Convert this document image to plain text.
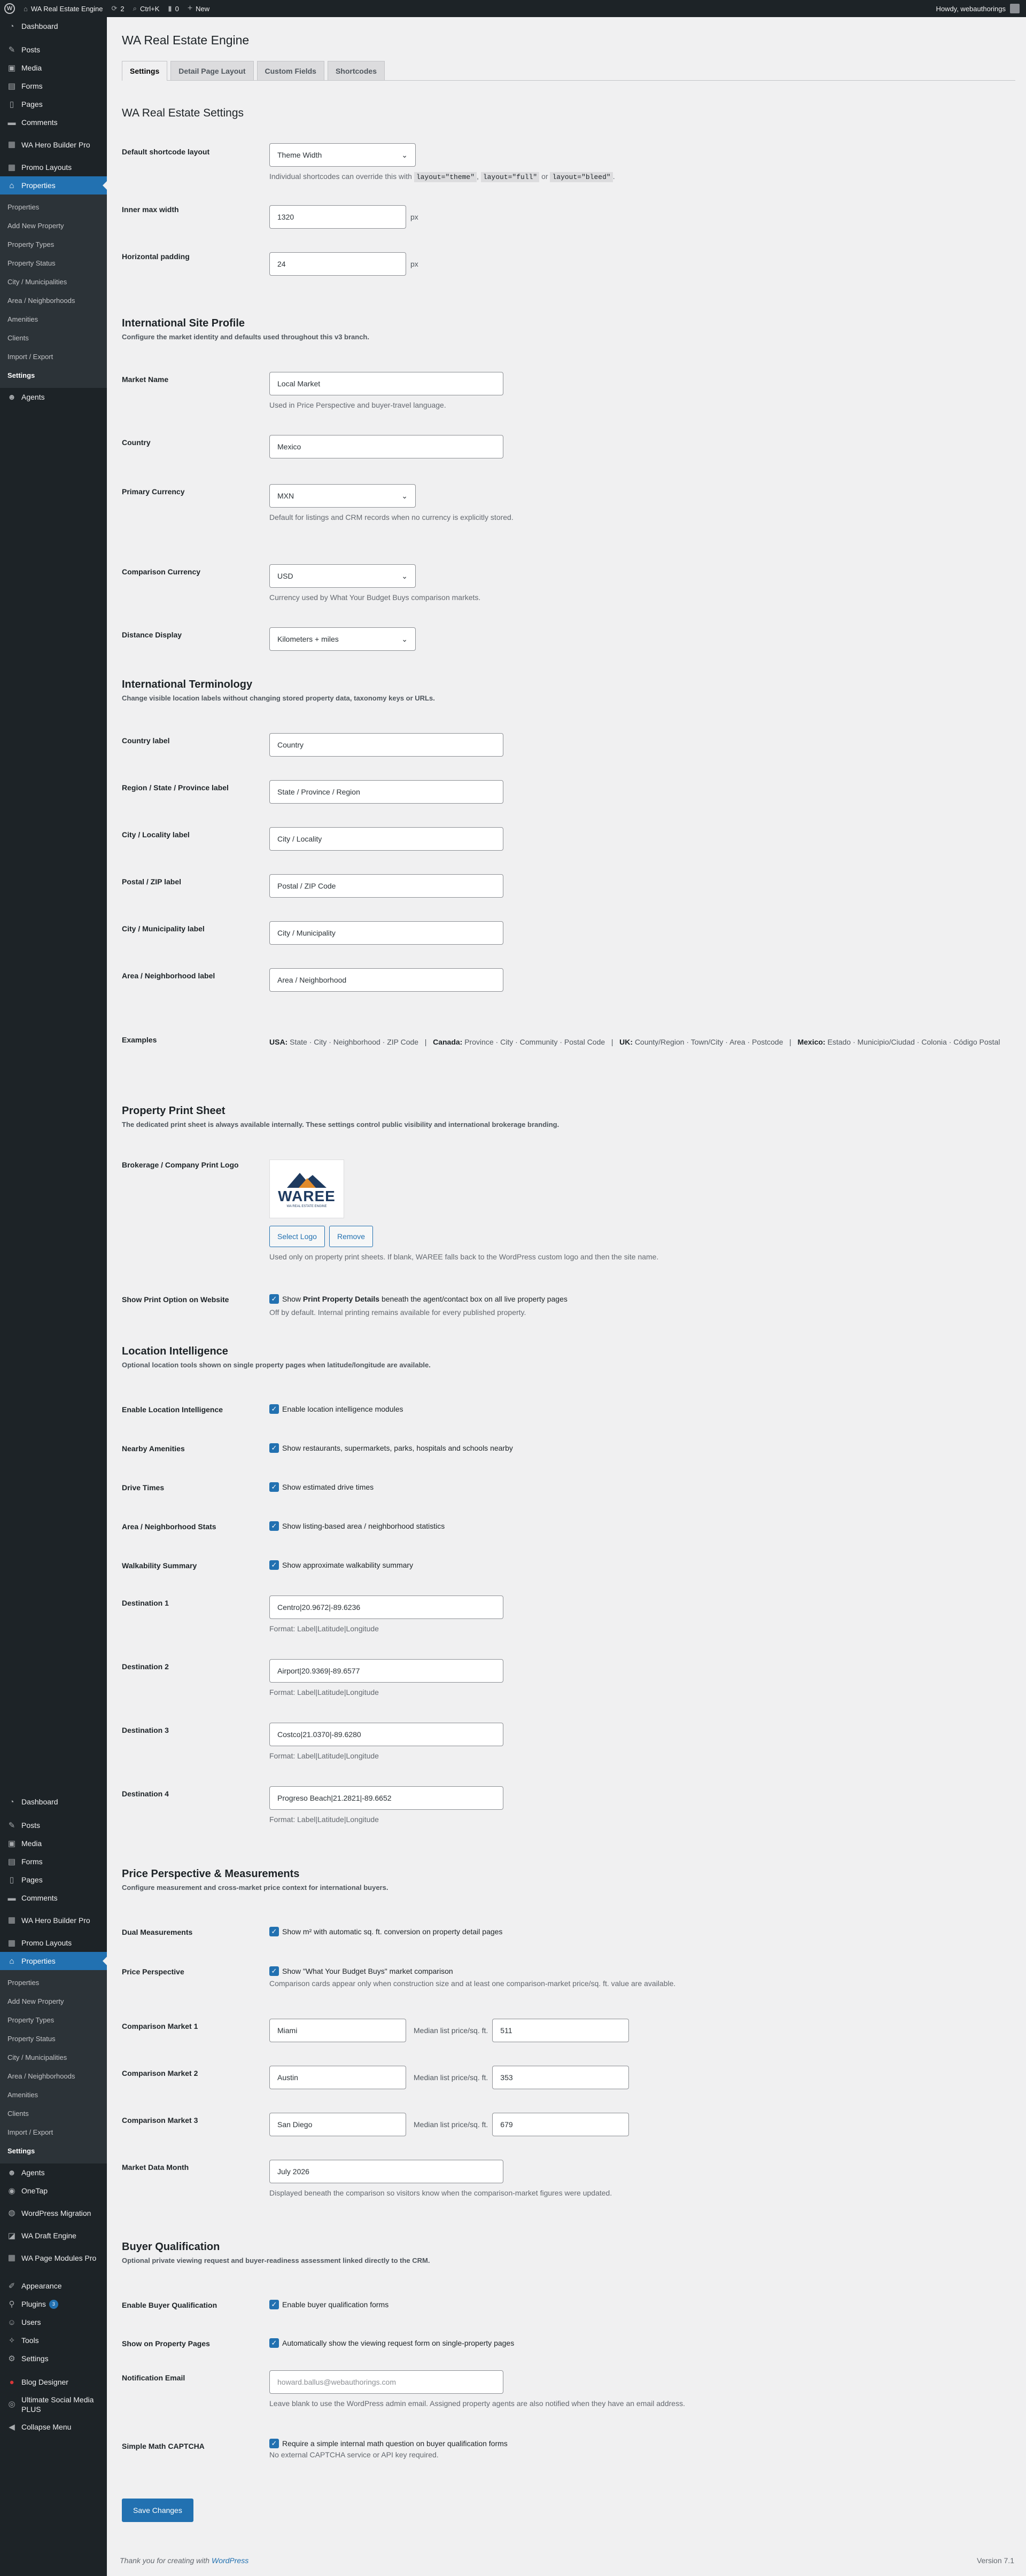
W	⌂ WA Real Estate Engine ⟳ 2 ⌕ Ctrl+K ▮ 0 + New	Howdy, webauthorings
◔ Dashboard
✎ Posts
▣ Media
▤ Forms
▯ Pages
▬ Comments
▦ WA Hero Builder Pro
▦ Promo Layouts
⌂ Properties
Properties
Add New Property
Property Types
Property Status
City / Municipalities
Area / Neighborhoods
Amenities
Clients
Import / Export
Settings
☻ Agents
◔ Dashboard
✎ Posts
▣ Media
▤ Forms
▯ Pages
▬ Comments
▦ WA Hero Builder Pro
▦ Promo Layouts
⌂ Properties
Properties
Add New Property
Property Types
Property Status
City / Municipalities
Area / Neighborhoods
Amenities
Clients
Import / Export
Settings
☻ Agents
◉ OneTap
◍ WordPress Migration
◪ WA Draft Engine
▦ WA Page Modules Pro
✐ Appearance
⚲ Plugins	3
☺ Users
✧ Tools
⚙ Settings
● Blog Designer
◎ Ultimate Social Media PLUS
◀ Collapse Menu
WA Real Estate Engine
Settings	Detail Page Layout	Custom Fields	Shortcodes
WA Real Estate Settings
Default shortcode layout	Theme Width	⌄
Individual shortcodes can override this with layout="theme" , layout="full" or layout="bleed" .
Inner max width
1320	px
Horizontal padding
24	px
International Site Profile
Configure the market identity and defaults used throughout this v3 branch.
Market Name	Local Market
Used in Price Perspective and buyer-travel language.
Country	Mexico
Primary Currency	MXN	⌄
Default for listings and CRM records when no currency is explicitly stored.
Comparison Currency	USD	⌄
Currency used by What Your Budget Buys comparison markets.
Distance Display	Kilometers + miles	⌄
International Terminology
Change visible location labels without changing stored property data, taxonomy keys or URLs.
Country label	Country
Region / State / Province label	State / Province / Region
City / Locality label	City / Locality
Postal / ZIP label	Postal / ZIP Code
City / Municipality label	City / Municipality
Area / Neighborhood label	Area / Neighborhood
Examples	USA: State · City · Neighborhood · ZIP Code | Canada: Province · City · Community · Postal Code | UK: County/Region · Town/City · Area · Postcode | Mexico: Estado · Municipio/Ciudad · Colonia · Código Postal
Property Print Sheet
The dedicated print sheet is always available internally. These settings control public visibility and international brokerage branding.
Brokerage / Company Print Logo
WAREE
WA REAL ESTATE ENGINE
Select Logo	Remove
Used only on property print sheets. If blank, WAREE falls back to the WordPress custom logo and then the site name.
Show Print Option on Website	✓ Show
Print Property Details
beneath the agent/contact box on all live property pages
Off by default. Internal printing remains available for every published property.
Location Intelligence
Optional location tools shown on single property pages when latitude/longitude are available.
Enable Location Intelligence	✓ Enable location intelligence modules
Nearby Amenities	✓ Show restaurants, supermarkets, parks, hospitals and schools nearby
Drive Times	✓ Show estimated drive times
Area / Neighborhood Stats	✓ Show listing-based area / neighborhood statistics
Walkability Summary	✓ Show approximate walkability summary
Destination 1	Centro|20.9672|-89.6236
Format: Label|Latitude|Longitude
Destination 2	Airport|20.9369|-89.6577
Format: Label|Latitude|Longitude
Destination 3	Costco|21.0370|-89.6280
Format: Label|Latitude|Longitude
Destination 4	Progreso Beach|21.2821|-89.6652
Format: Label|Latitude|Longitude
Price Perspective & Measurements
Configure measurement and cross-market price context for international buyers.
Dual Measurements	✓ Show m² with automatic sq. ft. conversion on property detail pages
Price Perspective	✓ Show "What Your Budget Buys" market comparison
Comparison cards appear only when construction size and at least one comparison-market price/sq. ft. value are available.
Comparison Market 1	Miami	Median list price/sq. ft.	511
Comparison Market 2	Austin	Median list price/sq. ft.	353
Comparison Market 3	San Diego	Median list price/sq. ft.	679
Market Data Month	July 2026
Displayed beneath the comparison so visitors know when the comparison-market figures were updated.
Buyer Qualification
Optional private viewing request and buyer-readiness assessment linked directly to the CRM.
Enable Buyer Qualification	✓ Enable buyer qualification forms
Show on Property Pages	✓ Automatically show the viewing request form on single-property pages
Notification Email	howard.ballus@webauthorings.com
Leave blank to use the WordPress admin email. Assigned property agents are also notified when they have an email address.
Simple Math CAPTCHA	✓ Require a simple internal math question on buyer qualification forms
No external CAPTCHA service or API key required.
Save Changes
Thank you for creating with WordPress	Version 7.1
